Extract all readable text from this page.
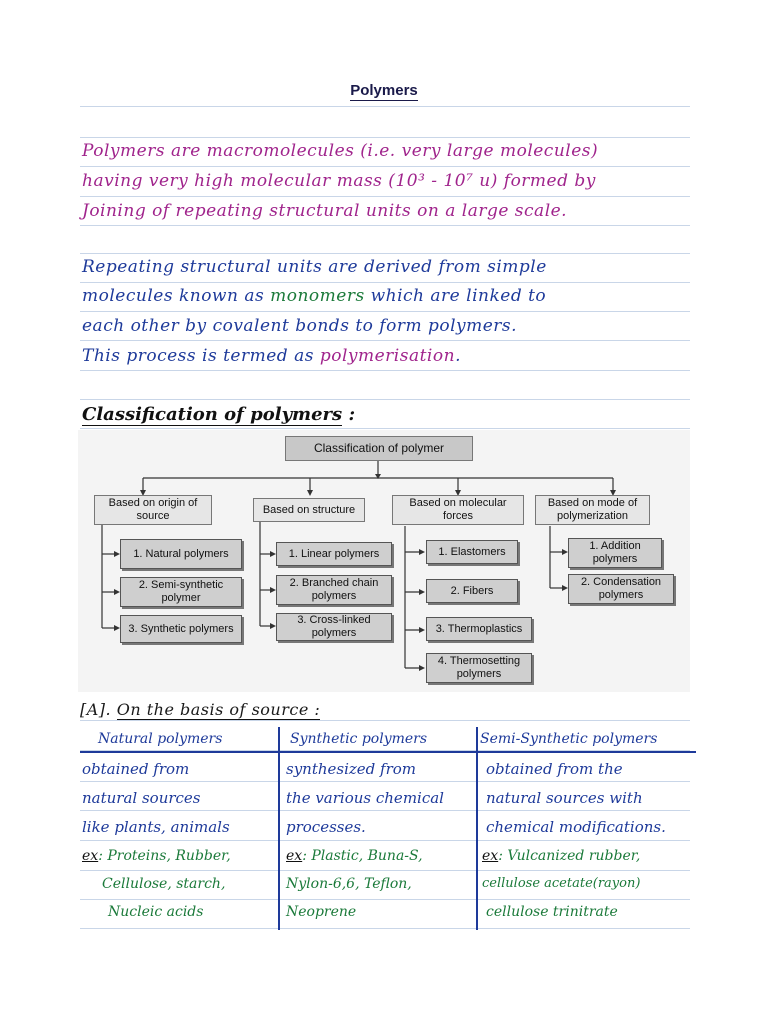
Polymers
Polymers are macromolecules (i.e. very large molecules)
having very high molecular mass (10³ - 10⁷ u) formed by
Joining of repeating structural units on a large scale.
Repeating structural units are derived from simple
molecules known as monomers which are linked to
each other by covalent bonds to form polymers.
This process is termed as polymerisation.
Classification of polymers :
Classification of polymer
Based on origin of source
Based on structure
Based on molecular forces
Based on mode of polymerization
1. Natural polymers
2. Semi-synthetic polymer
3. Synthetic polymers
1. Linear polymers
2. Branched chain polymers
3. Cross-linked polymers
1. Elastomers
2. Fibers
3. Thermoplastics
4. Thermosetting polymers
1. Addition polymers
2. Condensation polymers
[A]. On the basis of source :
Natural polymers	Synthetic polymers	Semi-Synthetic polymers
obtained from
natural sources
like plants, animals
synthesized from
the various chemical
processes.
obtained from the
natural sources with
chemical modifications.
ex: Proteins, Rubber,
Cellulose, starch,
Nucleic acids
ex: Plastic, Buna-S,
Nylon-6,6, Teflon,
Neoprene
ex: Vulcanized rubber,
cellulose acetate(rayon)
cellulose trinitrate
